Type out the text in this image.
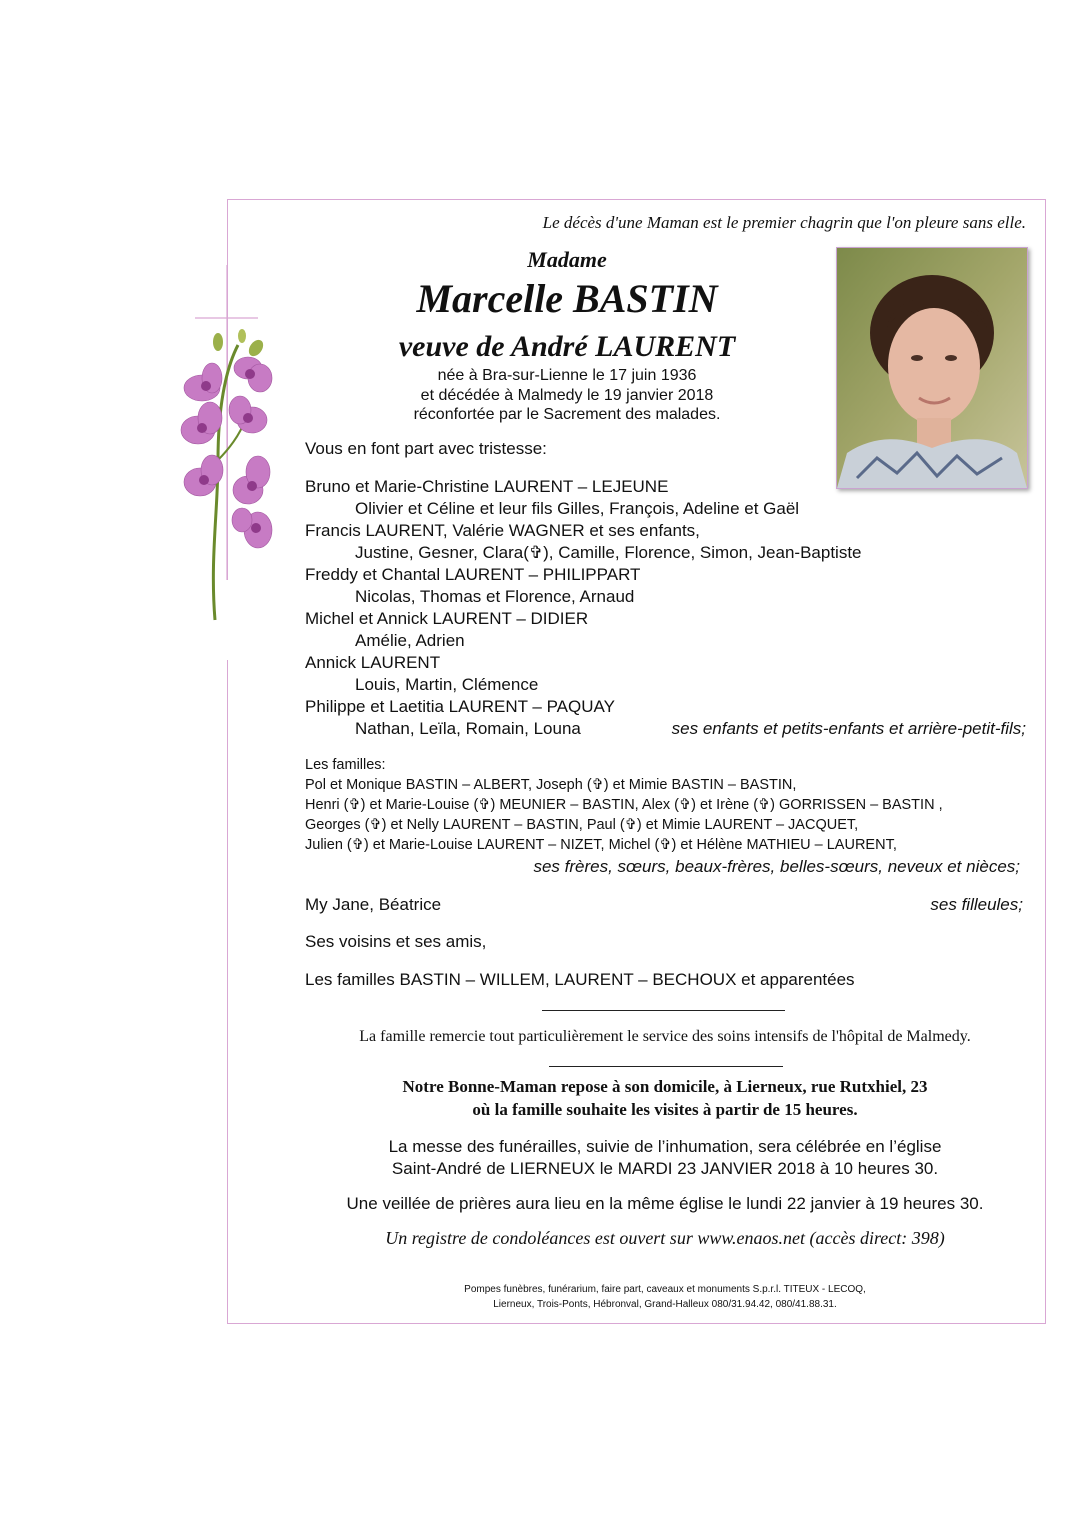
Le décès d'une Maman est le premier chagrin que l'on pleure sans elle.
Madame
Marcelle BASTIN
veuve de André LAURENT
née à Bra-sur-Lienne le 17 juin 1936
et décédée à Malmedy le 19 janvier 2018
réconfortée par le Sacrement des malades.
Vous en font part avec tristesse:
Bruno et Marie-Christine LAURENT – LEJEUNE
Olivier et Céline et leur fils Gilles, François, Adeline et Gaël
Francis LAURENT, Valérie WAGNER et ses enfants,
Justine, Gesner, Clara(✞), Camille, Florence, Simon, Jean-Baptiste
Freddy et Chantal LAURENT – PHILIPPART
Nicolas, Thomas et Florence, Arnaud
Michel et Annick LAURENT – DIDIER
Amélie, Adrien
Annick LAURENT
Louis, Martin, Clémence
Philippe et Laetitia LAURENT – PAQUAY
Nathan, Leïla, Romain, Louna	ses enfants et petits-enfants et arrière-petit-fils;
Les familles:
Pol et Monique BASTIN – ALBERT, Joseph (✞) et Mimie BASTIN – BASTIN,
Henri (✞) et Marie-Louise (✞) MEUNIER – BASTIN, Alex (✞) et Irène (✞) GORRISSEN – BASTIN ,
Georges (✞) et Nelly LAURENT – BASTIN, Paul (✞) et Mimie LAURENT – JACQUET,
Julien (✞) et Marie-Louise LAURENT – NIZET, Michel (✞) et Hélène MATHIEU – LAURENT,
ses frères, sœurs, beaux-frères, belles-sœurs, neveux et nièces;
My Jane, Béatrice	ses filleules;
Ses voisins et ses amis,
Les familles BASTIN – WILLEM, LAURENT – BECHOUX et apparentées
La famille remercie tout particulièrement le service des soins intensifs de l'hôpital de Malmedy.
Notre Bonne-Maman repose à son domicile, à Lierneux, rue Rutxhiel, 23
où la famille souhaite les visites à partir de 15 heures.
La messe des funérailles, suivie de l’inhumation, sera célébrée en l’église
Saint-André de LIERNEUX le MARDI 23 JANVIER 2018 à 10 heures 30.
Une veillée de prières aura lieu en la même église le lundi 22 janvier à 19 heures 30.
Un registre de condoléances est ouvert sur www.enaos.net (accès direct: 398)
Pompes funèbres, funérarium, faire part, caveaux et monuments S.p.r.l. TITEUX - LECOQ,
Lierneux, Trois-Ponts, Hébronval, Grand-Halleux 080/31.94.42, 080/41.88.31.
